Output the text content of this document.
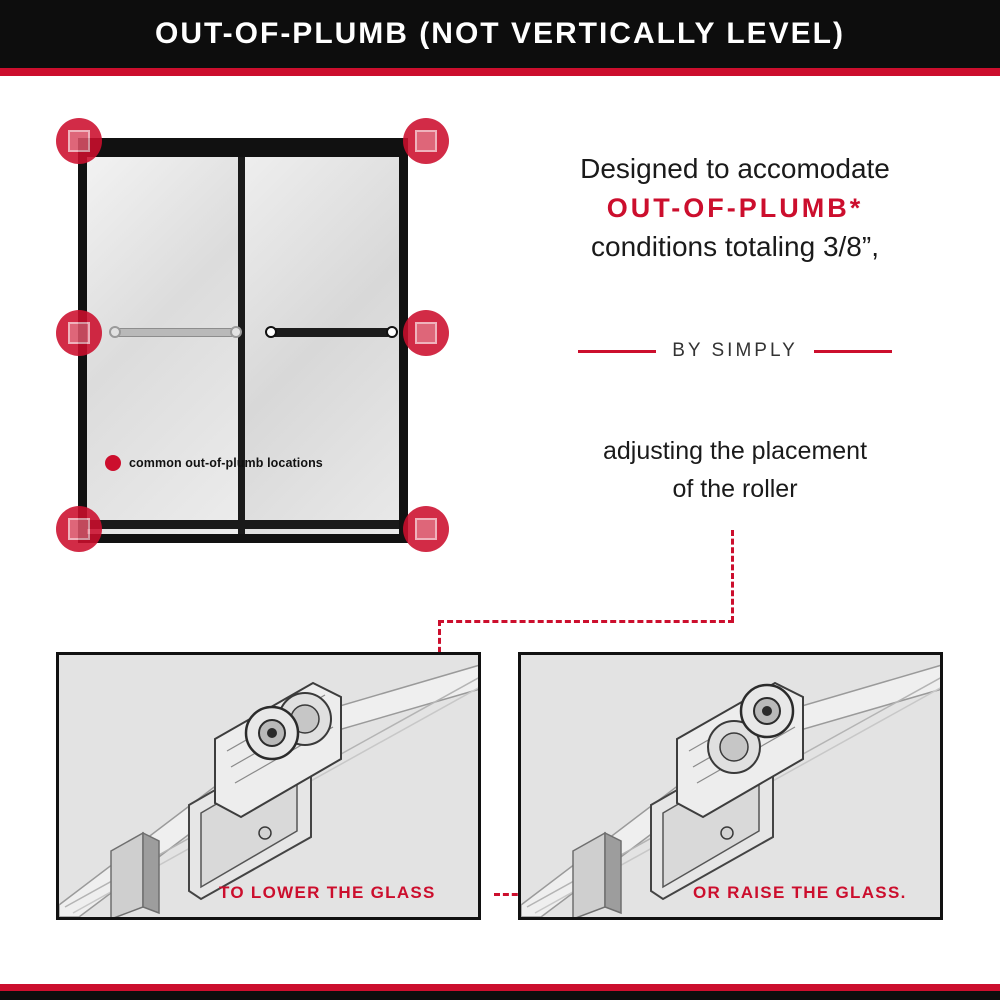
OUT-OF-PLUMB (NOT VERTICALLY LEVEL)
common out-of-plumb locations
Designed to accomodate
OUT-OF-PLUMB*
conditions totaling 3/8”,
BY SIMPLY
adjusting the placement
of the roller
TO LOWER THE GLASS	OR RAISE THE GLASS.
